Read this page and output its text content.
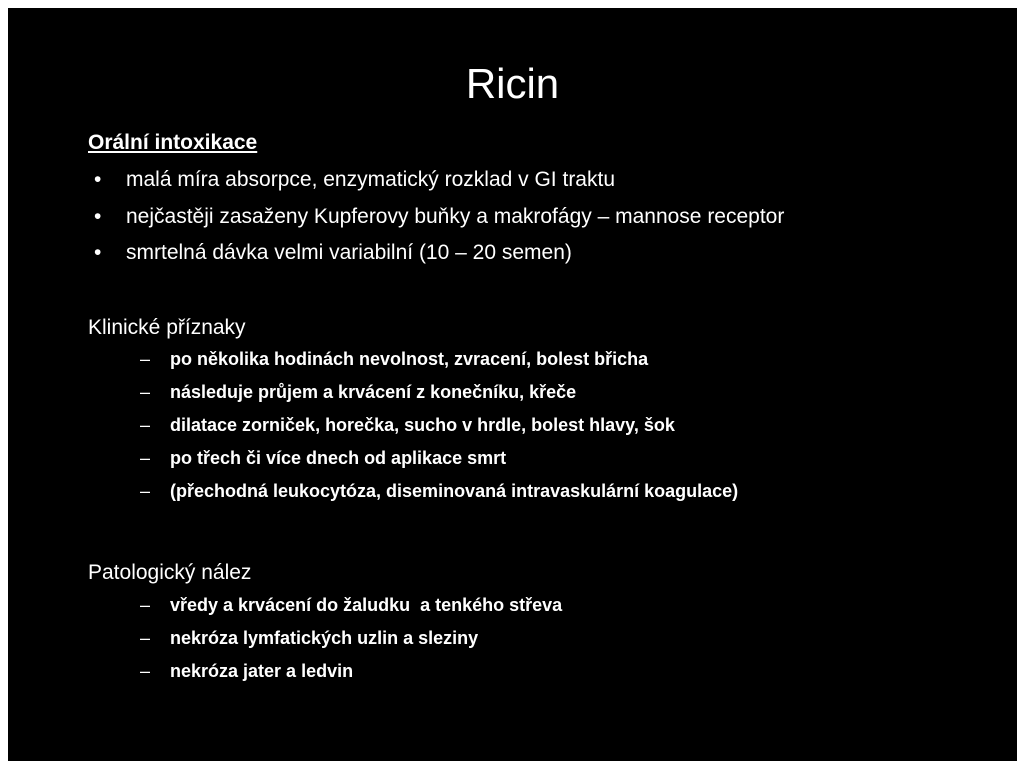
Ricin
Orální intoxikace
• malá míra absorpce, enzymatický rozklad v GI traktu
• nejčastěji zasaženy Kupferovy buňky a makrofágy – mannose receptor
• smrtelná dávka velmi variabilní (10 – 20 semen)
Klinické příznaky
– po několika hodinách nevolnost, zvracení, bolest břicha
– následuje průjem a krvácení z konečníku, křeče
– dilatace zorniček, horečka, sucho v hrdle, bolest hlavy, šok
– po třech či více dnech od aplikace smrt
– (přechodná leukocytóza, diseminovaná intravaskulární koagulace)
Patologický nález
– vředy a krvácení do žaludku  a tenkého střeva
– nekróza lymfatických uzlin a sleziny
– nekróza jater a ledvin
